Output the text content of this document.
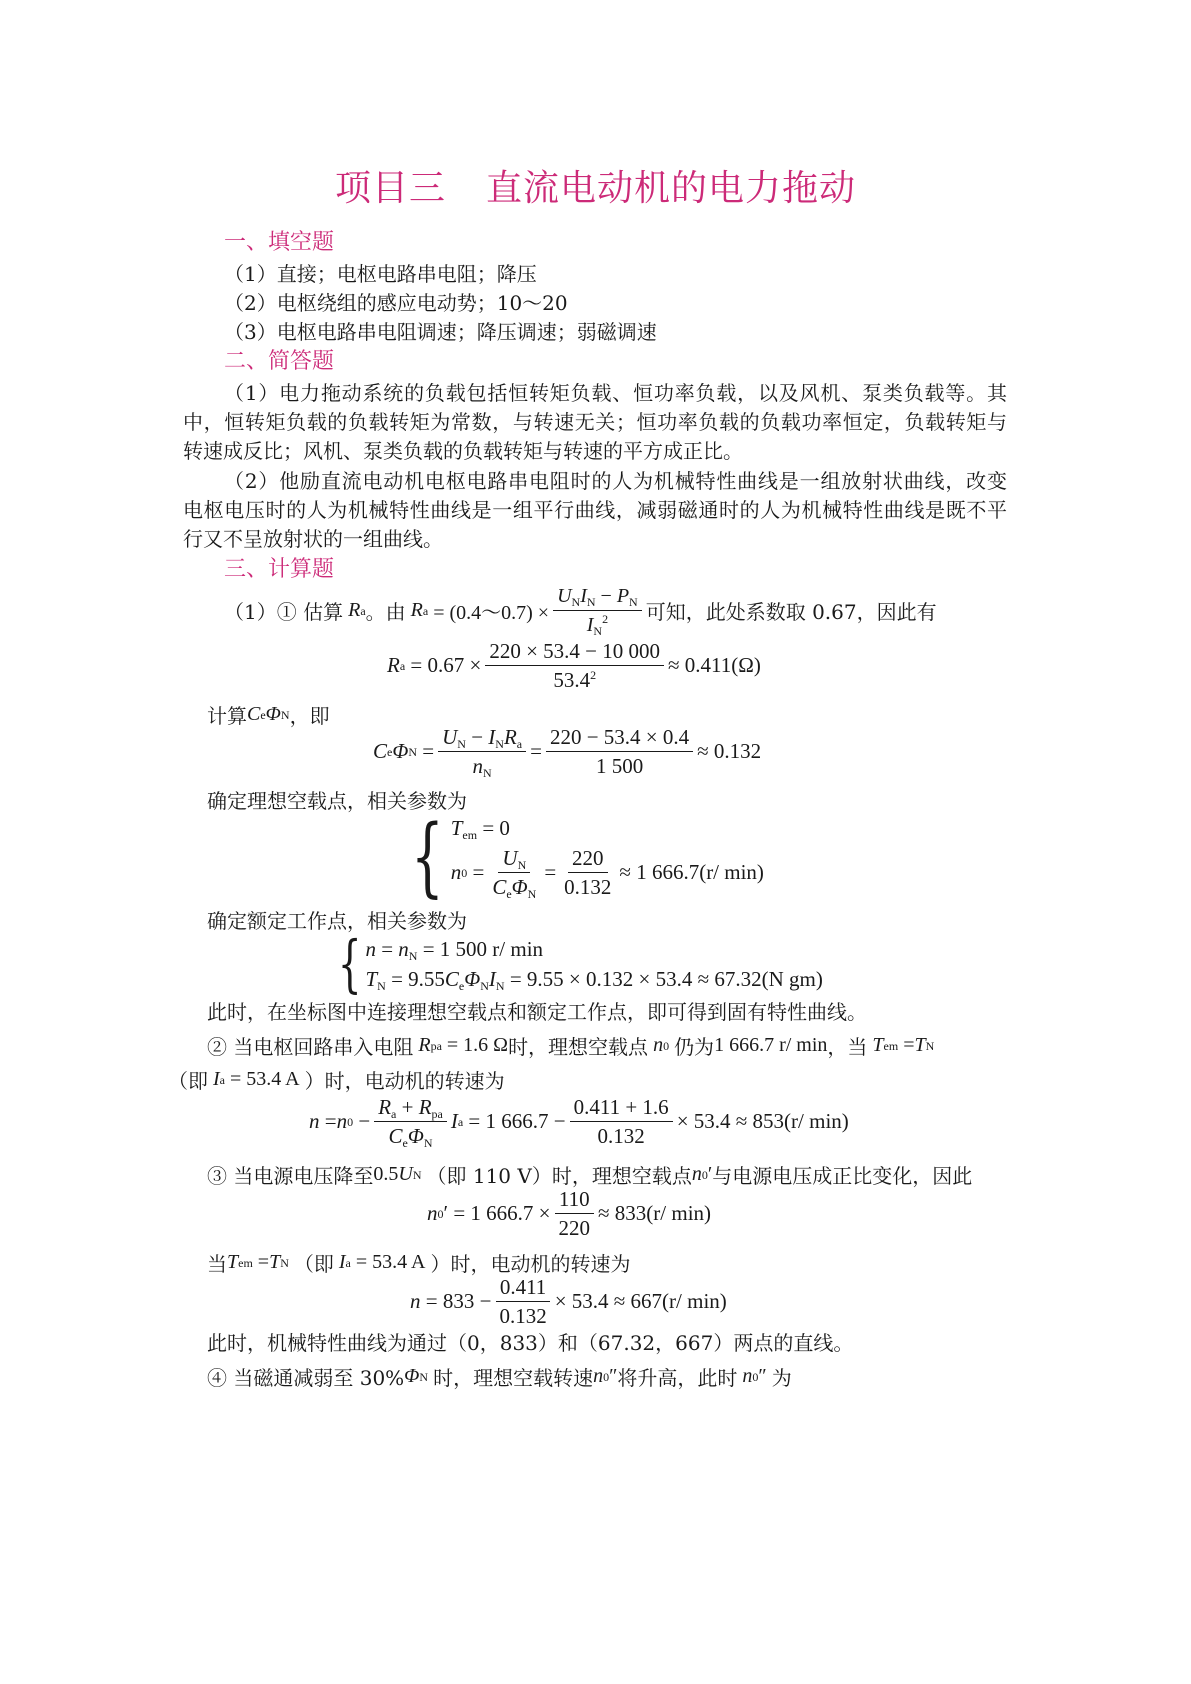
项目三 直流电动机的电力拖动
一、填空题
（1）直接；电枢电路串电阻；降压
（2）电枢绕组的感应电动势；10～20
（3）电枢电路串电阻调速；降压调速；弱磁调速
二、简答题
（1）电力拖动系统的负载包括恒转矩负载、恒功率负载，以及风机、泵类负载等。其
中，恒转矩负载的负载转矩为常数，与转速无关；恒功率负载的负载功率恒定，负载转矩与
转速成反比；风机、泵类负载的负载转矩与转速的平方成正比。
（2）他励直流电动机电枢电路串电阻时的人为机械特性曲线是一组放射状曲线，改变
电枢电压时的人为机械特性曲线是一组平行曲线，减弱磁通时的人为机械特性曲线是既不平
行又不呈放射状的一组曲线。
三、计算题
（1）① 估算
R a 。由
R a = (0.4～0.7) × $\frac{U_NI_N - P_N}{I_N^2}$ 可知，此处系数取 0.67，因此有
R $a = 0.67 \times \frac{220 \times 53.4 - 10 000}{53.4^2} \approx 0.411(\Omega)$
计算 C e Φ N ，即
C e Φ $N = \frac{U_N - I_NR_a}{n_N} = \frac{220 - 53.4 \times 0.4}{1 500} \approx 0.132$
确定理想空载点，相关参数为
{ $T_{em} = 0$
n $0 = \frac{U_N}{C_e\Phi_N} = \frac{220}{0.132} \approx 1$ 666.7(r/ min)
确定额定工作点，相关参数为
{ $n = n_N = 1$ 500 r/ min
$T_N = 9.55C_e\Phi_NI_N = 9.55 \times 0.132 \times 53.4 \approx 67.32(N$ gm)
此时，在坐标图中连接理想空载点和额定工作点，即可得到固有特性曲线。
② 当电枢回路串入电阻
R pa = 1.6 Ω 时，理想空载点
n 0
仍为 1 666.7 r/ min ，当
T em = T N
（即
I a = 53.4 A ）时，电动机的转速为
n = n $0 - \frac{R_a + R_{pa}}{C_e\Phi_N}$ I a = 1 $666.7 - \frac{0.411 + 1.6}{0.132} \times 53.4 \approx 853(r/$ min)
③ 当电源电压降至 0.5 U N
（即 110 V）时，理想空载点 n 0 ′ 与电源电压成正比变化，因此
n 0 ′ = 1 $666.7 \times \frac{110}{220} \approx 833(r/$ min)
当 T em = T N
（即
I a = 53.4 A ）时，电动机的转速为
$n = 833 - \frac{0.411}{0.132} \times 53.4 \approx 667(r/$ min)
此时，机械特性曲线为通过（0，833）和（67.32，667）两点的直线。
④ 当磁通减弱至 30% Φ N
时，理想空载转速 n 0 ″ 将升高，此时
n 0 ″ 为
